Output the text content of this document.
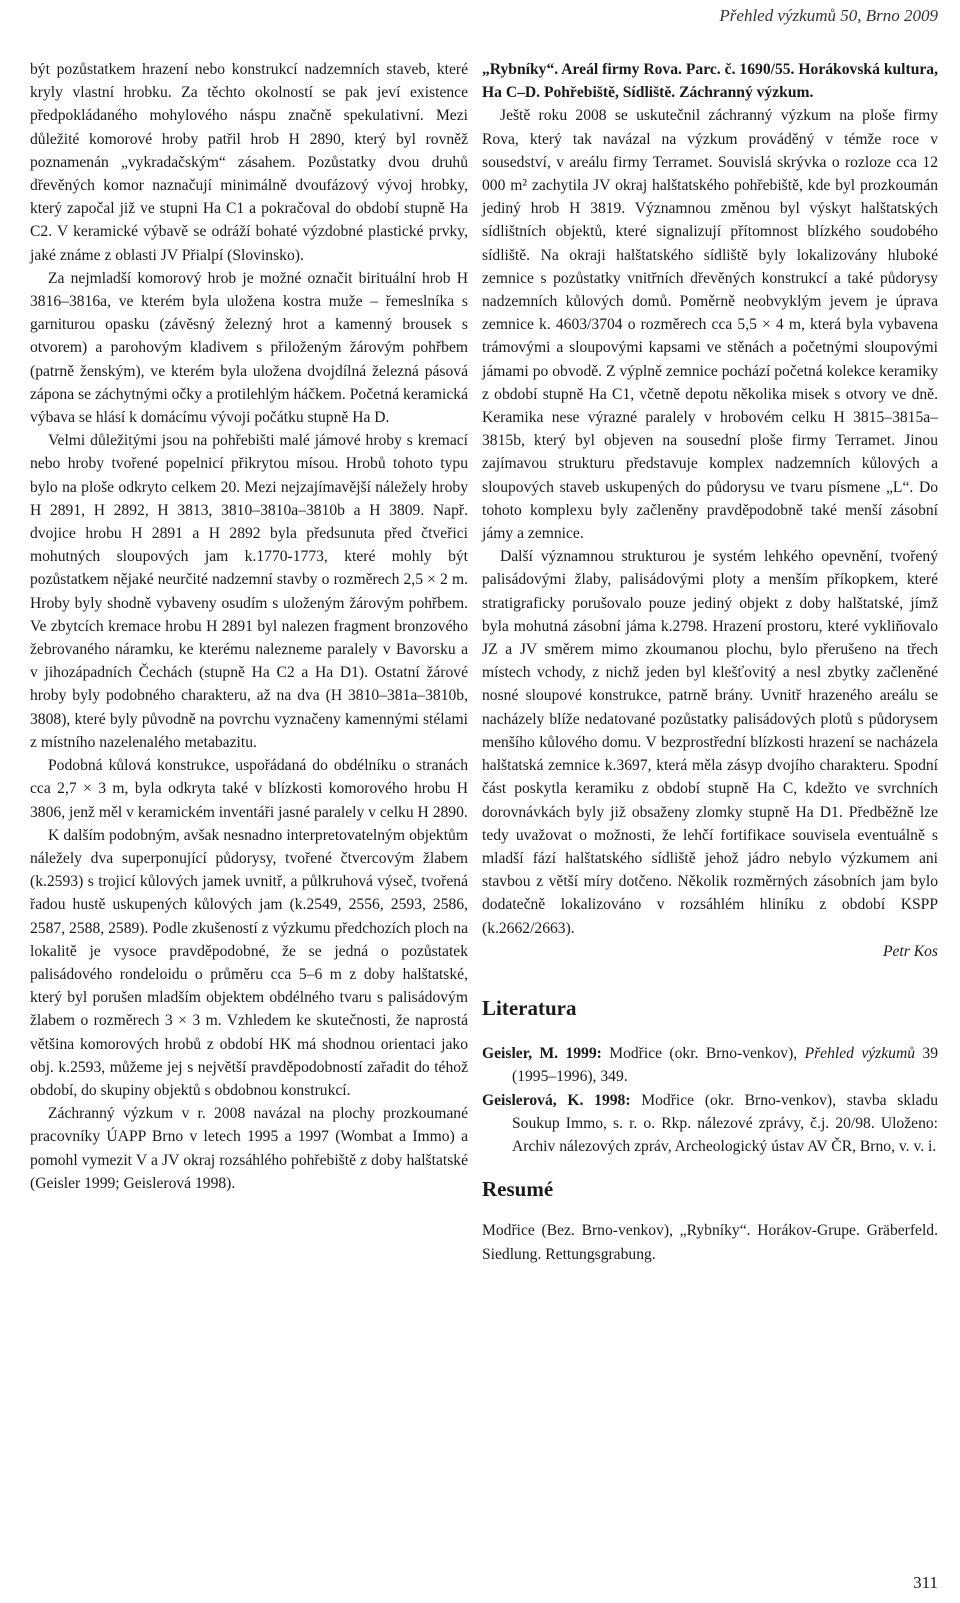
Přehled výzkumů 50, Brno 2009

být pozůstatkem hrazení nebo konstrukcí nadzemních staveb, které kryly vlastní hrobku. Za těchto okolností se pak jeví existence předpokládaného mohylového náspu značně spekulativní. Mezi důležité komorové hroby patřil hrob H 2890, který byl rovněž poznamenán „vykradačským“ zásahem. Pozůstatky dvou druhů dřevěných komor naznačují minimálně dvoufázový vývoj hrobky, který započal již ve stupni Ha C1 a pokračoval do období stupně Ha C2. V keramické výbavě se odráží bohaté výzdobné plastické prvky, jaké známe z oblasti JV Přialpí (Slovinsko).

Za nejmladší komorový hrob je možné označit birituální hrob H 3816–3816a, ve kterém byla uložena kostra muže – řemeslníka s garniturou opasku (závěsný železný hrot a kamenný brousek s otvorem) a parohovým kladivem s přiloženým žárovým pohřbem (patrně ženským), ve kterém byla uložena dvojdílná železná pásová zápona se záchytnými očky a protilehlým háčkem. Početná keramická výbava se hlásí k domácímu vývoji počátku stupně Ha D.

Velmi důležitými jsou na pohřebišti malé jámové hroby s kremací nebo hroby tvořené popelnicí přikrytou mísou. Hrobů tohoto typu bylo na ploše odkryto celkem 20. Mezi nejzajímavější náležely hroby H 2891, H 2892, H 3813, 3810–3810a–3810b a H 3809. Např. dvojice hrobu H 2891 a H 2892 byla předsunuta před čtveřici mohutných sloupových jam k.1770-1773, které mohly být pozůstatkem nějaké neurčité nadzemní stavby o rozměrech 2,5 × 2 m. Hroby byly shodně vybaveny osudím s uloženým žárovým pohřbem. Ve zbytcích kremace hrobu H 2891 byl nalezen fragment bronzového žebrovaného náramku, ke kterému nalezneme paralely v Bavorsku a v jihozápadních Čechách (stupně Ha C2 a Ha D1). Ostatní žárové hroby byly podobného charakteru, až na dva (H 3810–381a–3810b, 3808), které byly původně na povrchu vyznačeny kamennými stélami z místního nazelenalého metabazitu.

Podobná kůlová konstrukce, uspořádaná do obdélníku o stranách cca 2,7 × 3 m, byla odkryta také v blízkosti komorového hrobu H 3806, jenž měl v keramickém inventáři jasné paralely v celku H 2890.

K dalším podobným, avšak nesnadno interpretovatelným objektům náležely dva superponující půdorysy, tvořené čtvercovým žlabem (k.2593) s trojicí kůlových jamek uvnitř, a půlkruhová výseč, tvořená řadou hustě uskupených kůlových jam (k.2549, 2556, 2593, 2586, 2587, 2588, 2589). Podle zkušeností z výzkumu předchozích ploch na lokalitě je vysoce pravděpodobné, že se jedná o pozůstatek palisádového rondeloidu o průměru cca 5–6 m z doby halštatské, který byl porušen mladším objektem obdélného tvaru s palisádovým žlabem o rozměrech 3 × 3 m. Vzhledem ke skutečnosti, že naprostá většina komorových hrobů z období HK má shodnou orientaci jako obj. k.2593, můžeme jej s největší pravděpodobností zařadit do téhož období, do skupiny objektů s obdobnou konstrukcí.

Záchranný výzkum v r. 2008 navázal na plochy prozkoumané pracovníky ÚAPP Brno v letech 1995 a 1997 (Wombat a Immo) a pomohl vymezit V a JV okraj rozsáhlého pohřebiště z doby halštatské (Geisler 1999; Geislerová 1998).

„Rybníky“. Areál firmy Rova. Parc. č. 1690/55. Horákovská kultura, Ha C–D. Pohřebiště, Sídliště. Záchranný výzkum.

Ještě roku 2008 se uskutečnil záchranný výzkum na ploše firmy Rova, který tak navázal na výzkum prováděný v témže roce v sousedství, v areálu firmy Terramet. Souvislá skrývka o rozloze cca 12 000 m² zachytila JV okraj halštatského pohřebiště, kde byl prozkoumán jediný hrob H 3819. Významnou změnou byl výskyt halštatských sídlištních objektů, které signalizují přítomnost blízkého soudobého sídliště. Na okraji halštatského sídliště byly lokalizovány hluboké zemnice s pozůstatky vnitřních dřevěných konstrukcí a také půdorysy nadzemních kůlových domů. Poměrně neobvyklým jevem je úprava zemnice k. 4603/3704 o rozměrech cca 5,5 × 4 m, která byla vybavena trámovými a sloupovými kapsami ve stěnách a početnými sloupovými jámami po obvodě. Z výplně zemnice pochází početná kolekce keramiky z období stupně Ha C1, včetně depotu několika misek s otvory ve dně. Keramika nese výrazné paralely v hrobovém celku H 3815–3815a–3815b, který byl objeven na sousední ploše firmy Terramet. Jinou zajímavou strukturu představuje komplex nadzemních kůlových a sloupových staveb uskupených do půdorysu ve tvaru písmene „L“. Do tohoto komplexu byly začleněny pravděpodobně také menší zásobní jámy a zemnice.

Další významnou strukturou je systém lehkého opevnění, tvořený palisádovými žlaby, palisádovými ploty a menším příkopkem, které stratigraficky porušovalo pouze jediný objekt z doby halštatské, jímž byla mohutná zásobní jáma k.2798. Hrazení prostoru, které vykliňovalo JZ a JV směrem mimo zkoumanou plochu, bylo přerušeno na třech místech vchody, z nichž jeden byl klešťovitý a nesl zbytky začleněné nosné sloupové konstrukce, patrně brány. Uvnitř hrazeného areálu se nacházely blíže nedatované pozůstatky palisádových plotů s půdorysem menšího kůlového domu. V bezprostřední blízkosti hrazení se nacházela halštatská zemnice k.3697, která měla zásyp dvojího charakteru. Spodní část poskytla keramiku z období stupně Ha C, kdežto ve svrchních dorovnávkách byly již obsaženy zlomky stupně Ha D1. Předběžně lze tedy uvažovat o možnosti, že lehčí fortifikace souvisela eventuálně s mladší fází halštatského sídliště jehož jádro nebylo výzkumem ani stavbou z větší míry dotčeno. Několik rozměrných zásobních jam bylo dodatečně lokalizováno v rozsáhlém hliníku z období KSPP (k.2662/2663).

Petr Kos

Literatura

Geisler, M. 1999: Modřice (okr. Brno-venkov), Přehled výzkumů 39 (1995–1996), 349.

Geislerová, K. 1998: Modřice (okr. Brno-venkov), stavba skladu Soukup Immo, s. r. o. Rkp. nálezové zprávy, č.j. 20/98. Uloženo: Archiv nálezových zpráv, Archeologický ústav AV ČR, Brno, v. v. i.

Resumé

Modřice (Bez. Brno-venkov), „Rybníky“. Horákov-Grupe. Gräberfeld. Siedlung. Rettungsgrabung.

311
